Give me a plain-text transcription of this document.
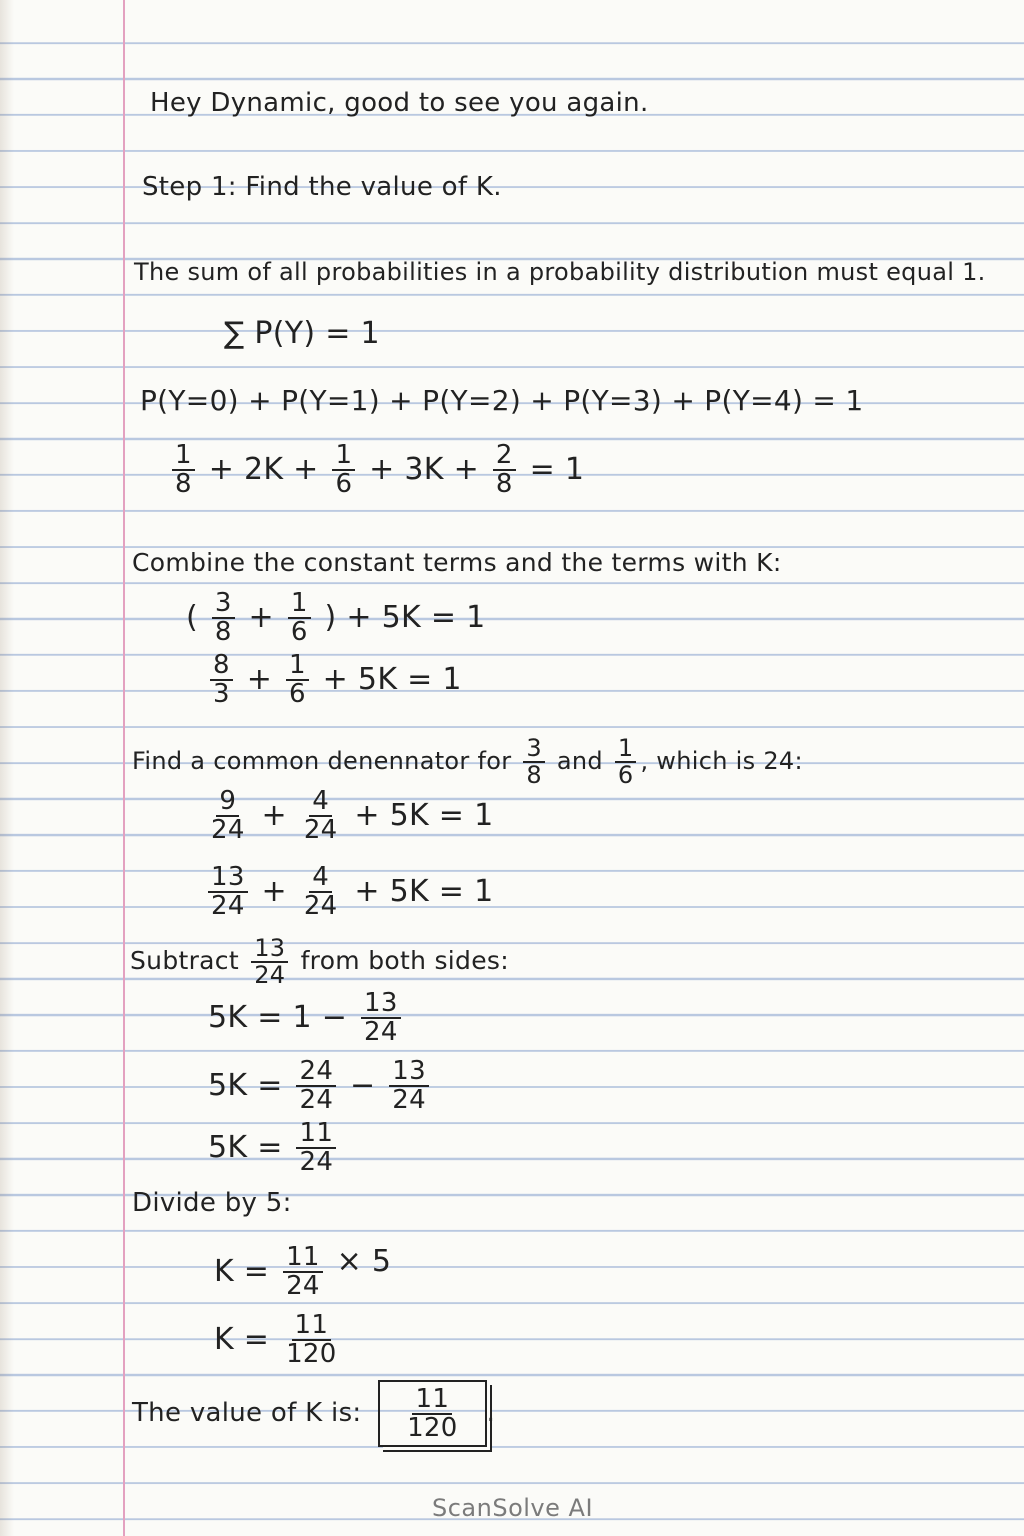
Hey Dynamic, good to see you again.
Step 1: Find the value of K.
The sum of all probabilities in a probability distribution must equal 1.
∑ P(Y) = 1
P(Y=0) + P(Y=1) + P(Y=2) + P(Y=3) + P(Y=4) = 1
$\frac{1}{8} + 2K + \frac{1}{6} + 3K + \frac{2}{8} = 1$
Combine the constant terms and the terms with K:
( $\frac{3}{8} + \frac{1}{6}$ ) + 5K = 1
$\frac{8}{3} + \frac{1}{6} + 5K = 1$
Find a common denennator for $\frac{3}{8}$ and $\frac{1}{6}$ , which is 24:
$\frac{9}{24} + \frac{4}{24} + 5K = 1$
$\frac{13}{24} + \frac{4}{24} + 5K = 1$
Subtract $\frac{13}{24}$ from both sides:
$5K = 1 - \frac{13}{24}$
$5K = \frac{24}{24} - \frac{13}{24}$
$5K = \frac{11}{24}$
Divide by 5:
$K = \frac{11}{24} \times 5$
$K = \frac{11}{120}$
The value of K is: $\frac{11}{120}$ .
ScanSolve AI
